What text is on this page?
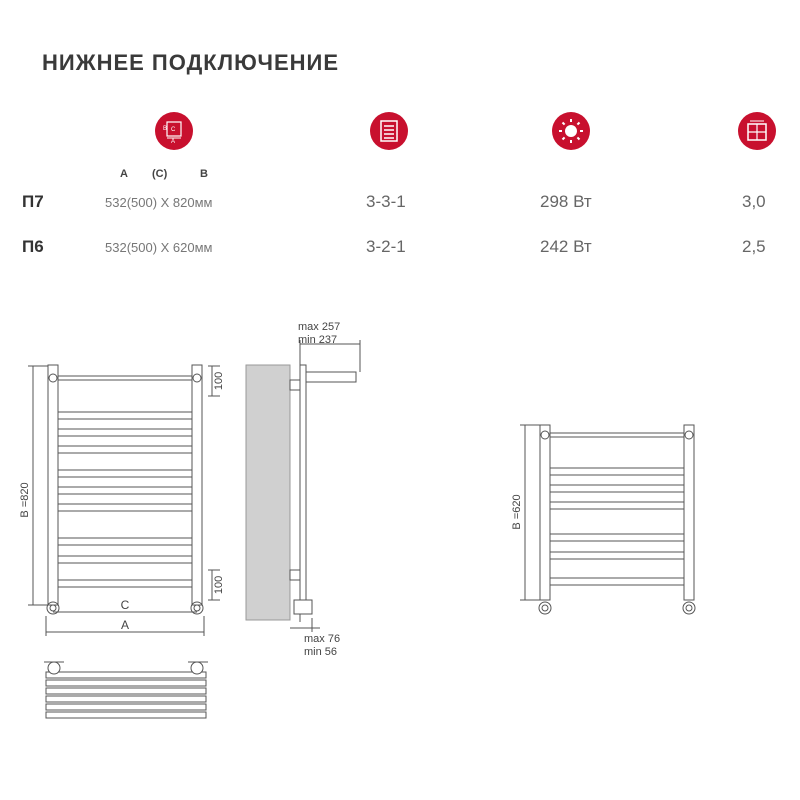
НИЖНЕЕ ПОДКЛЮЧЕНИЕ
B C
A
A (C)	B
П7	532(500) X 820мм	3-3-1	298 Вт	3,0
П6	532(500) X 620мм	3-2-1	242 Вт	2,5
B =820	B =620
100
100
C
A
max 257
min 237
max 76
min 56
